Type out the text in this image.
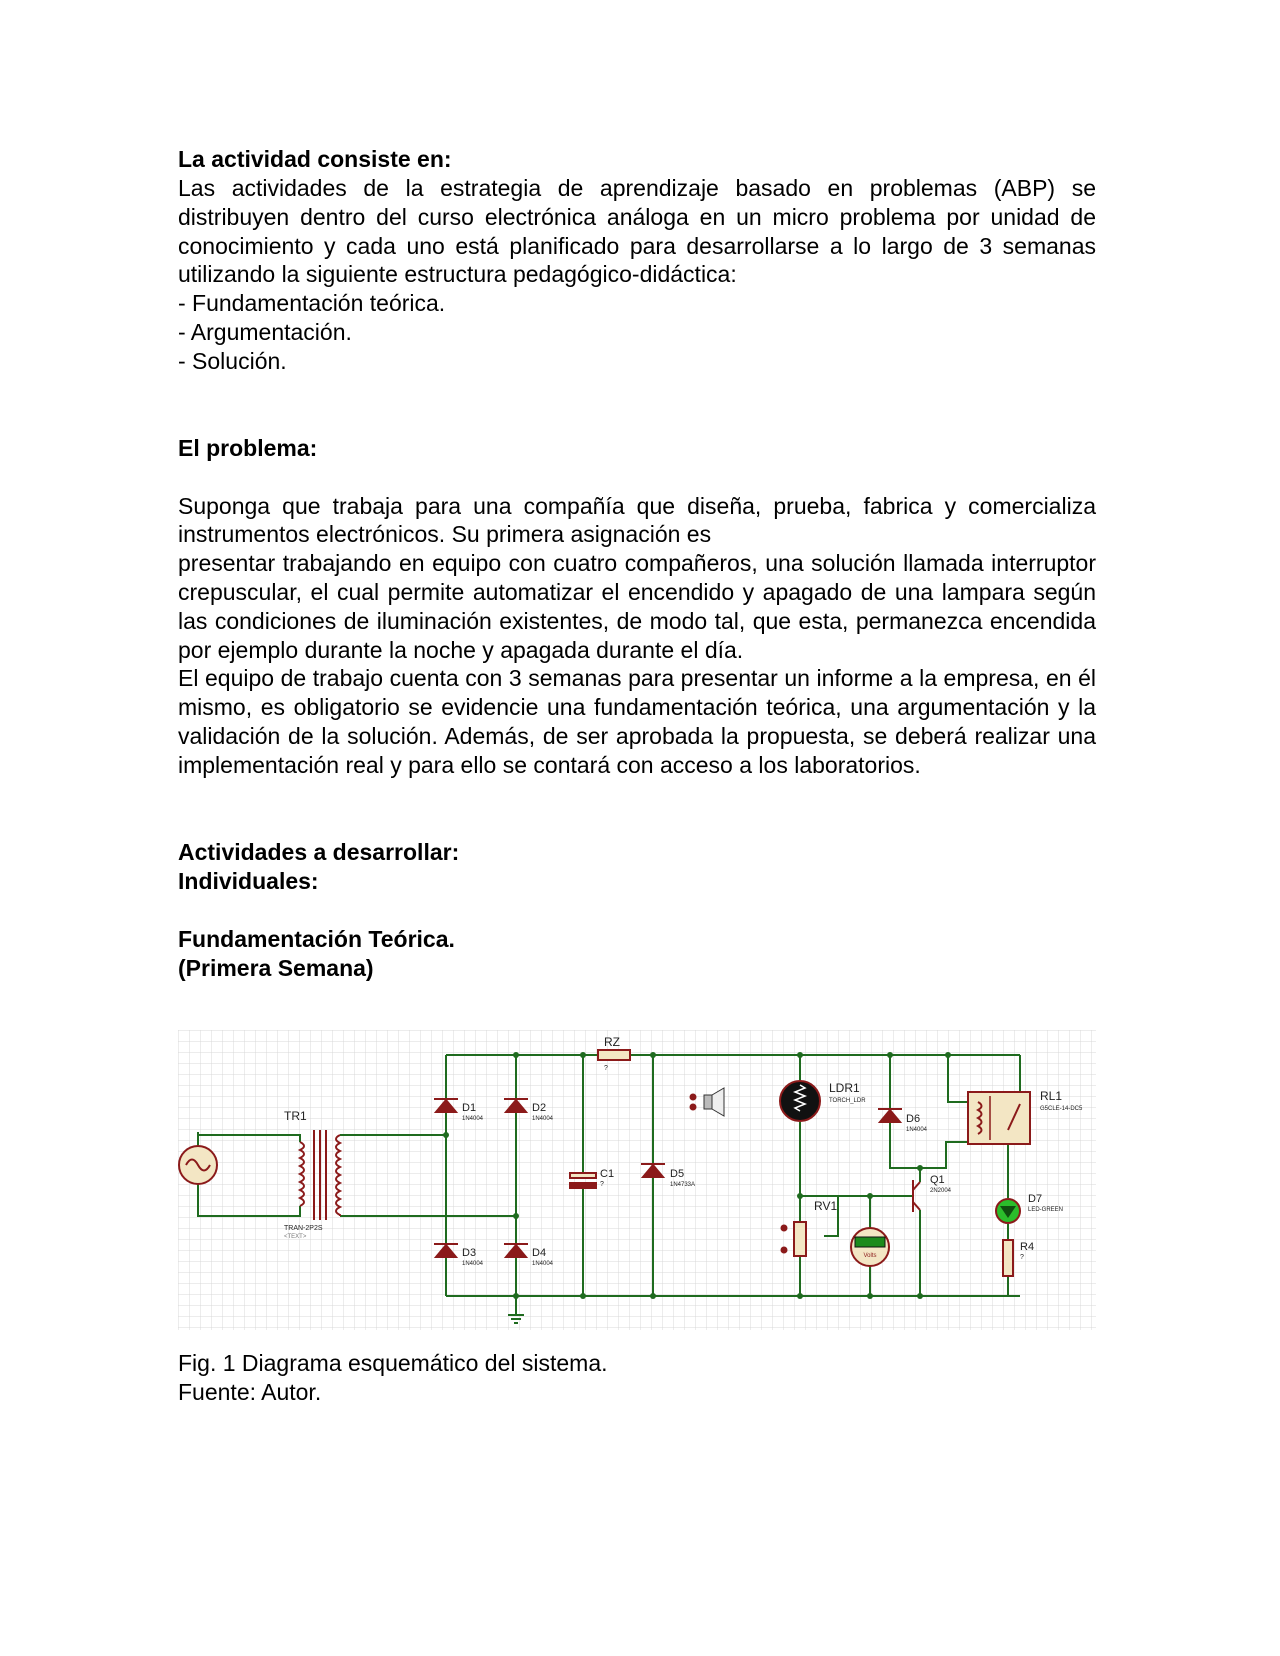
La actividad consiste en:

Las actividades de la estrategia de aprendizaje basado en problemas (ABP) se distribuyen dentro del curso electrónica análoga en un micro problema por unidad de conocimiento y cada uno está planificado para desarrollarse a lo largo de 3 semanas utilizando la siguiente estructura pedagógico-didáctica:

- Fundamentación teórica.

- Argumentación.

- Solución.

El problema:

Suponga que trabaja para una compañía que diseña, prueba, fabrica y comercializa instrumentos electrónicos. Su primera asignación es

presentar trabajando en equipo con cuatro compañeros, una solución llamada interruptor crepuscular, el cual permite automatizar el encendido y apagado de una lampara según las condiciones de iluminación existentes, de modo tal, que esta, permanezca encendida por ejemplo durante la noche y apagada durante el día.

El equipo de trabajo cuenta con 3 semanas para presentar un informe a la empresa, en él mismo, es obligatorio se evidencie una fundamentación teórica, una argumentación y la validación de la solución. Además, de ser aprobada la propuesta, se deberá realizar una implementación real y para ello se contará con acceso a los laboratorios.

Actividades a desarrollar:

Individuales:

Fundamentación Teórica.

(Primera Semana)

Volts
TR1
TRAN-2P2S
<TEXT>
D1
1N4004
D2
1N4004
D3
1N4004
D4
1N4004
RZ
?
C1
?
D5
1N4733A
LDR1
TORCH_LDR
D6
1N4004
RL1
G5CLE-14-DC5
Q1
2N2004
RV1	D7
LED-GREEN
R4
?
Fig. 1 Diagrama esquemático del sistema.
Fuente: Autor.
